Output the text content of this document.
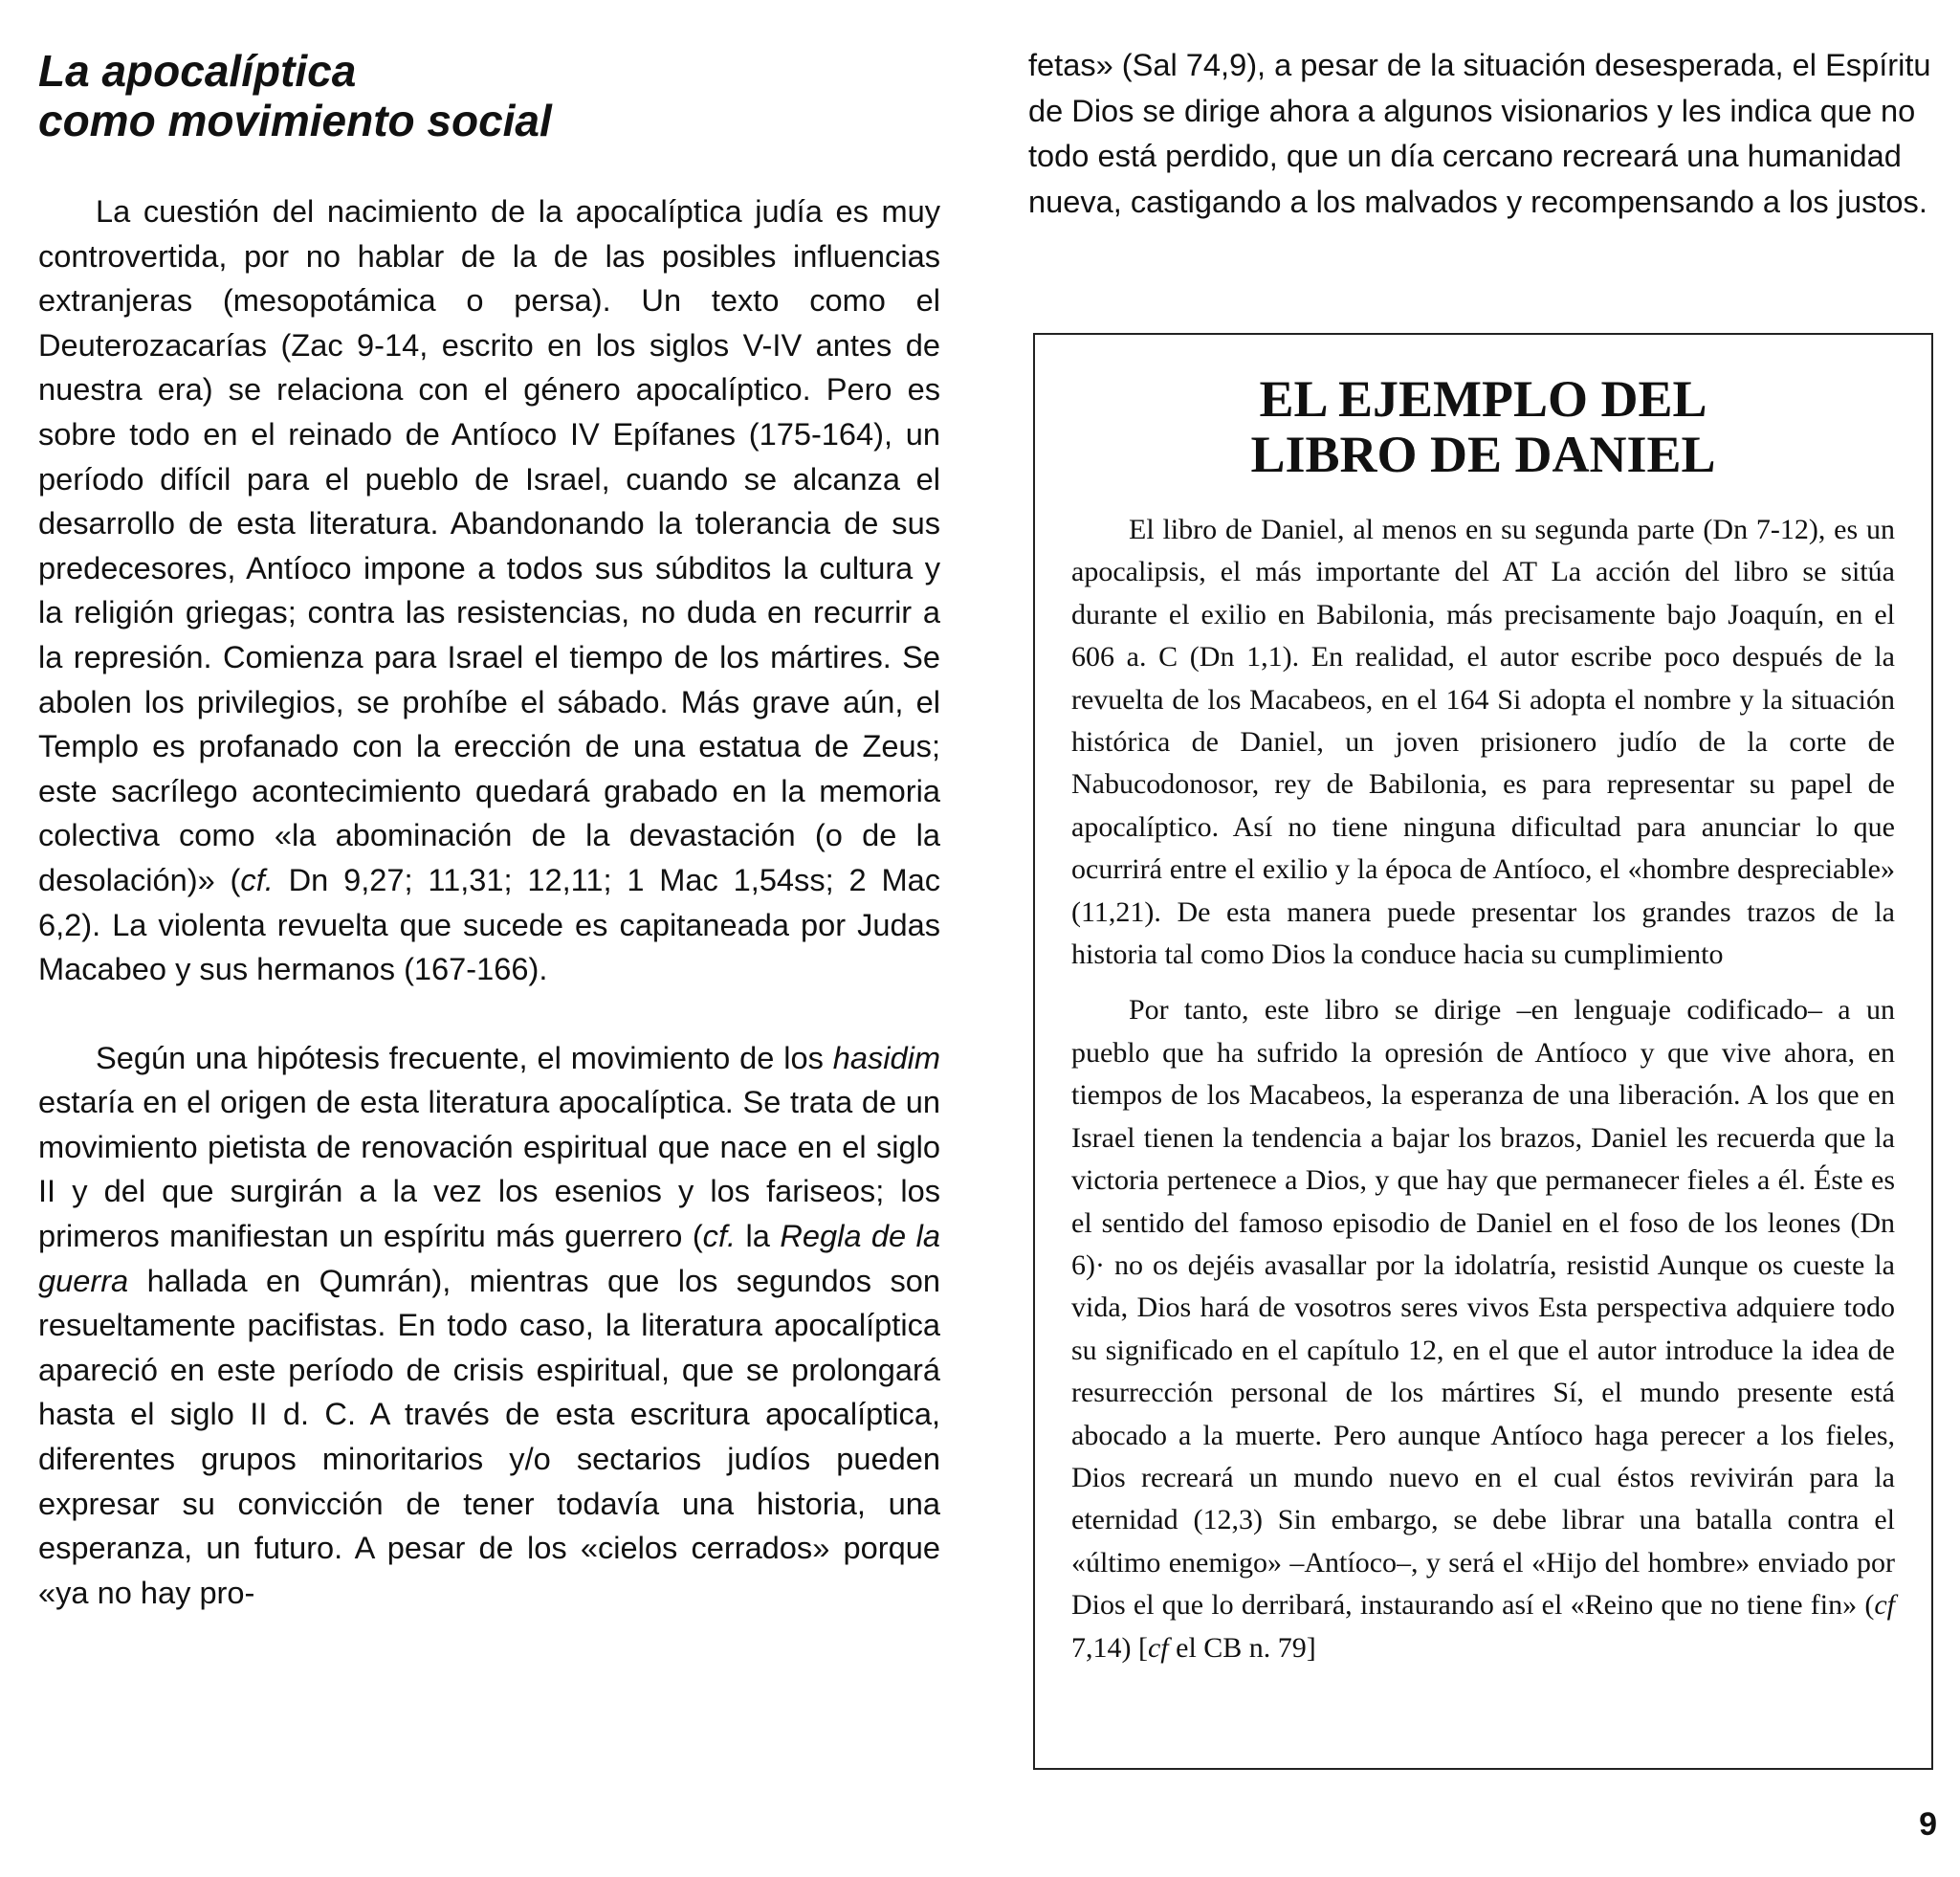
La apocalíptica
como movimiento social

La cuestión del nacimiento de la apocalíptica judía es muy controvertida, por no hablar de la de las posibles influencias extranjeras (mesopotámica o persa). Un texto como el Deuterozacarías (Zac 9-14, escrito en los siglos V-IV antes de nuestra era) se relaciona con el género apocalíptico. Pero es sobre todo en el reinado de Antíoco IV Epífanes (175-164), un período difícil para el pueblo de Israel, cuando se alcanza el desarrollo de esta literatura. Abandonando la tolerancia de sus predecesores, Antíoco impone a todos sus súbditos la cultura y la religión griegas; contra las resistencias, no duda en recurrir a la represión. Comienza para Israel el tiempo de los mártires. Se abolen los privilegios, se prohíbe el sábado. Más grave aún, el Templo es profanado con la erección de una estatua de Zeus; este sacrílego acontecimiento quedará grabado en la memoria colectiva como «la abominación de la devastación (o de la desolación)» (cf. Dn 9,27; 11,31; 12,11; 1 Mac 1,54ss; 2 Mac 6,2). La violenta revuelta que sucede es capitaneada por Judas Macabeo y sus hermanos (167-166).

Según una hipótesis frecuente, el movimiento de los hasidim estaría en el origen de esta literatura apocalíptica. Se trata de un movimiento pietista de renovación espiritual que nace en el siglo II y del que surgirán a la vez los esenios y los fariseos; los primeros manifiestan un espíritu más guerrero (cf. la Regla de la guerra hallada en Qumrán), mientras que los segundos son resueltamente pacifistas. En todo caso, la literatura apocalíptica apareció en este período de crisis espiritual, que se prolongará hasta el siglo II d. C. A través de esta escritura apocalíptica, diferentes grupos minoritarios y/o sectarios judíos pueden expresar su convicción de tener todavía una historia, una esperanza, un futuro. A pesar de los «cielos cerrados» porque «ya no hay pro-

fetas» (Sal 74,9), a pesar de la situación desesperada, el Espíritu de Dios se dirige ahora a algunos visionarios y les indica que no todo está perdido, que un día cercano recreará una humanidad nueva, castigando a los malvados y recompensando a los justos.

EL EJEMPLO DEL
LIBRO DE DANIEL

El libro de Daniel, al menos en su segunda parte (Dn 7-12), es un apocalipsis, el más importante del AT La acción del libro se sitúa durante el exilio en Babilonia, más precisamente bajo Joaquín, en el 606 a. C (Dn 1,1). En realidad, el autor escribe poco después de la revuelta de los Macabeos, en el 164 Si adopta el nombre y la situación histórica de Daniel, un joven prisionero judío de la corte de Nabucodonosor, rey de Babilonia, es para representar su papel de apocalíptico. Así no tiene ninguna dificultad para anunciar lo que ocurrirá entre el exilio y la época de Antíoco, el «hombre despreciable» (11,21). De esta manera puede presentar los grandes trazos de la historia tal como Dios la conduce hacia su cumplimiento

Por tanto, este libro se dirige –en lenguaje codificado– a un pueblo que ha sufrido la opresión de Antíoco y que vive ahora, en tiempos de los Macabeos, la esperanza de una liberación. A los que en Israel tienen la tendencia a bajar los brazos, Daniel les recuerda que la victoria pertenece a Dios, y que hay que permanecer fieles a él. Éste es el sentido del famoso episodio de Daniel en el foso de los leones (Dn 6)· no os dejéis avasallar por la idolatría, resistid Aunque os cueste la vida, Dios hará de vosotros seres vivos Esta perspectiva adquiere todo su significado en el capítulo 12, en el que el autor introduce la idea de resurrección personal de los mártires Sí, el mundo presente está abocado a la muerte. Pero aunque Antíoco haga perecer a los fieles, Dios recreará un mundo nuevo en el cual éstos revivirán para la eternidad (12,3) Sin embargo, se debe librar una batalla contra el «último enemigo» –Antíoco–, y será el «Hijo del hombre» enviado por Dios el que lo derribará, instaurando así el «Reino que no tiene fin» (cf 7,14) [cf el CB n. 79]

9
